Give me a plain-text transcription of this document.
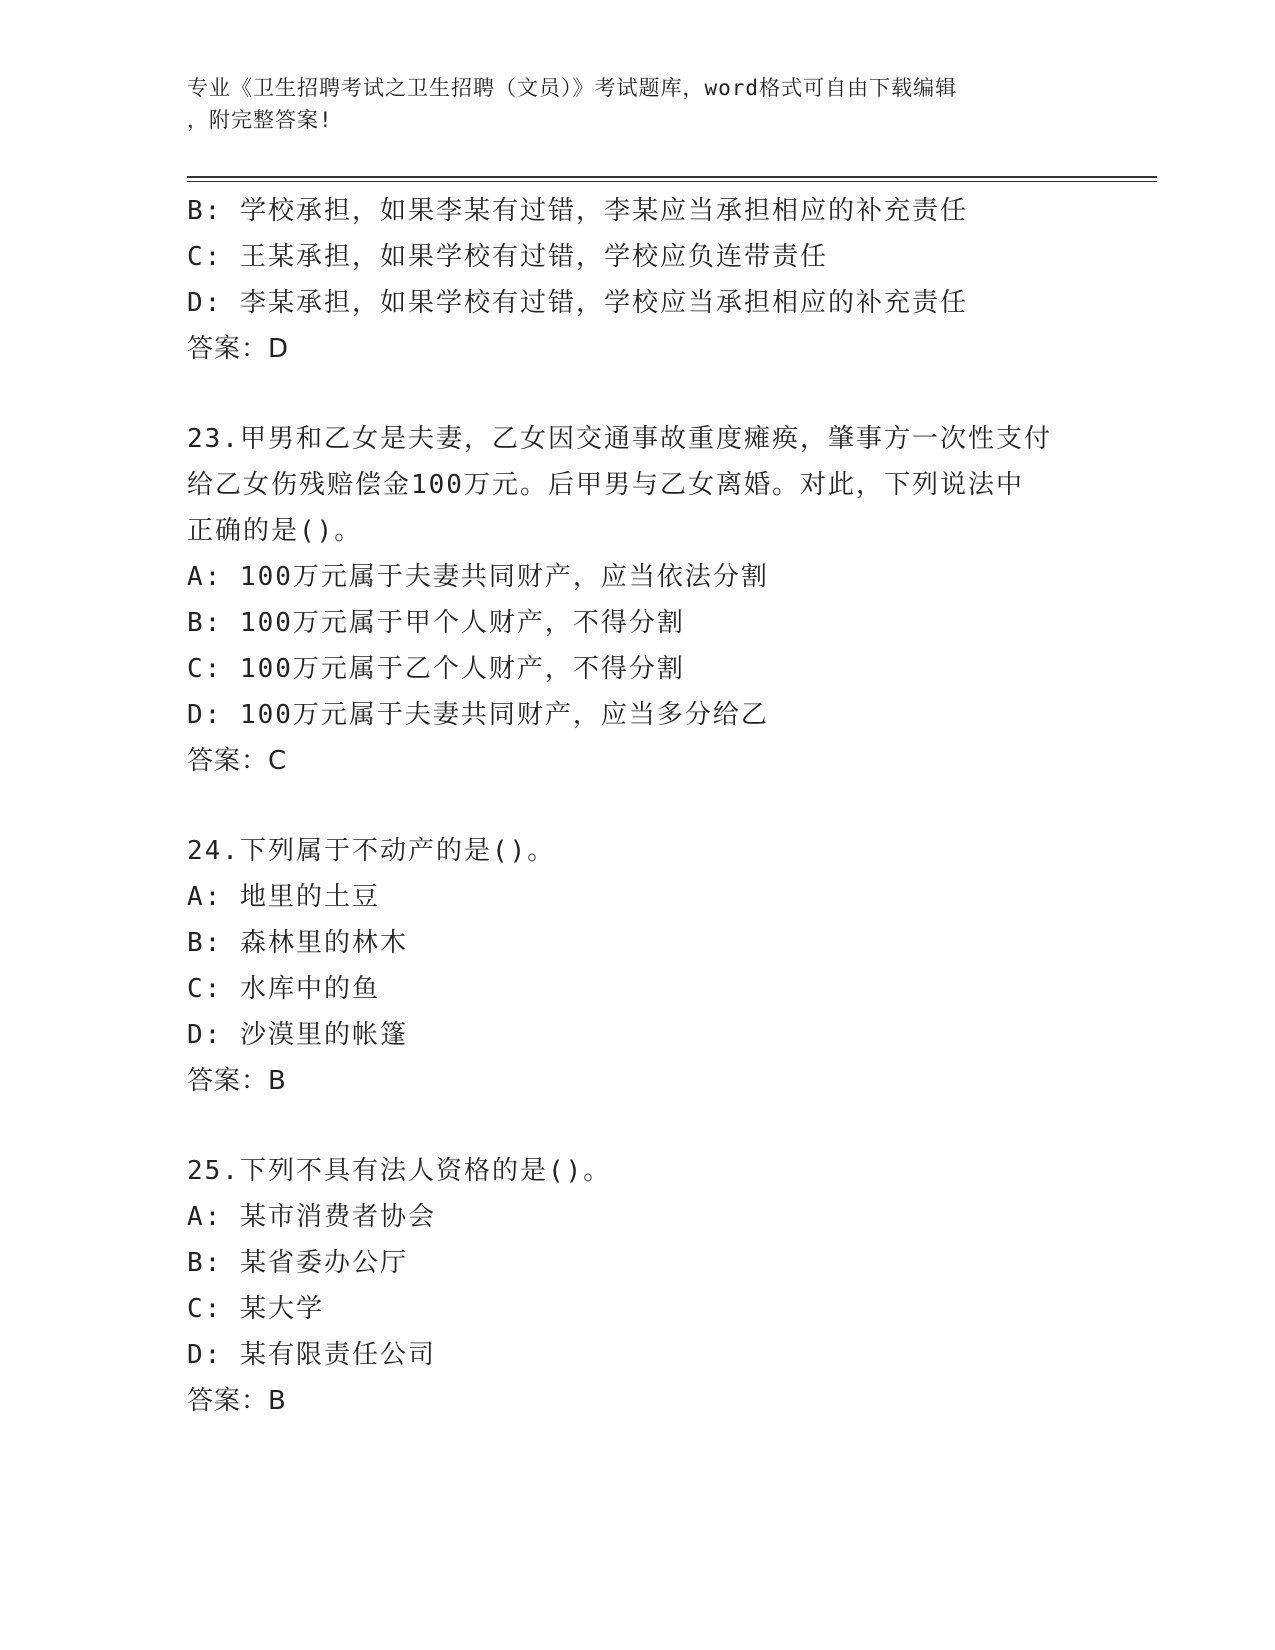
专业《卫生招聘考试之卫生招聘（文员）》考试题库，word格式可自由下载编辑
，附完整答案!
B: 学校承担，如果李某有过错，李某应当承担相应的补充责任
C: 王某承担，如果学校有过错，学校应负连带责任
D: 李某承担，如果学校有过错，学校应当承担相应的补充责任
答案：D
23.甲男和乙女是夫妻，乙女因交通事故重度瘫痪，肇事方一次性支付
给乙女伤残赔偿金100万元。后甲男与乙女离婚。对此，下列说法中
正确的是()。
A: 100万元属于夫妻共同财产，应当依法分割
B: 100万元属于甲个人财产，不得分割
C: 100万元属于乙个人财产，不得分割
D: 100万元属于夫妻共同财产，应当多分给乙
答案：C
24.下列属于不动产的是()。
A: 地里的土豆
B: 森林里的林木
C: 水库中的鱼
D: 沙漠里的帐篷
答案：B
25.下列不具有法人资格的是()。
A: 某市消费者协会
B: 某省委办公厅
C: 某大学
D: 某有限责任公司
答案：B
